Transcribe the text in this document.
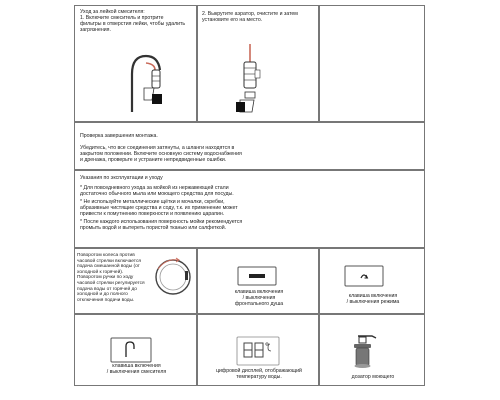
Уход за лейкой смесителя:
1. Включите смеситель и протрите
фильтры в отверстия лейки, чтобы удалить
загрязнения.
2. Выкрутите аэратор, очистите и затем
установите его на место.
Проверка завершения монтажа.
Убедитесь, что все соединения затянуты, а шланги находятся в
закрытом положении. Включите основную систему водоснабжения
и дренажа, проверьте и устраните непредвиденные ошибки.
Указания по эксплуатации и уходу
* Для повседневного ухода за мойкой из нержавеющей стали
достаточно обычного мыла или моющего средства для посуды.
* Не используйте металлические щётки и мочалки, скребки,
абразивные чистящие средства и соду, т.к. их применение может
привести к помутнению поверхности и появлению царапин.
* После каждого использования поверхность мойки рекомендуется
промыть водой и вытереть пористой тканью или салфеткой.
Поворотом колеса против
часовой стрелки включается
подача смешанной воды (от
холодной к горячей).
Поворотом ручки по ходу
часовой стрелки регулируется
подача воды от горячей до
холодной и до полного
отключения подачи воды.
клавиша включения
/ выключения
фронтального душа
клавиша включения
/ выключения режима
клавиша включения
/ выключения смесителя	цифровой дисплей, отображающий
температуру воды.	дозатор моющего
